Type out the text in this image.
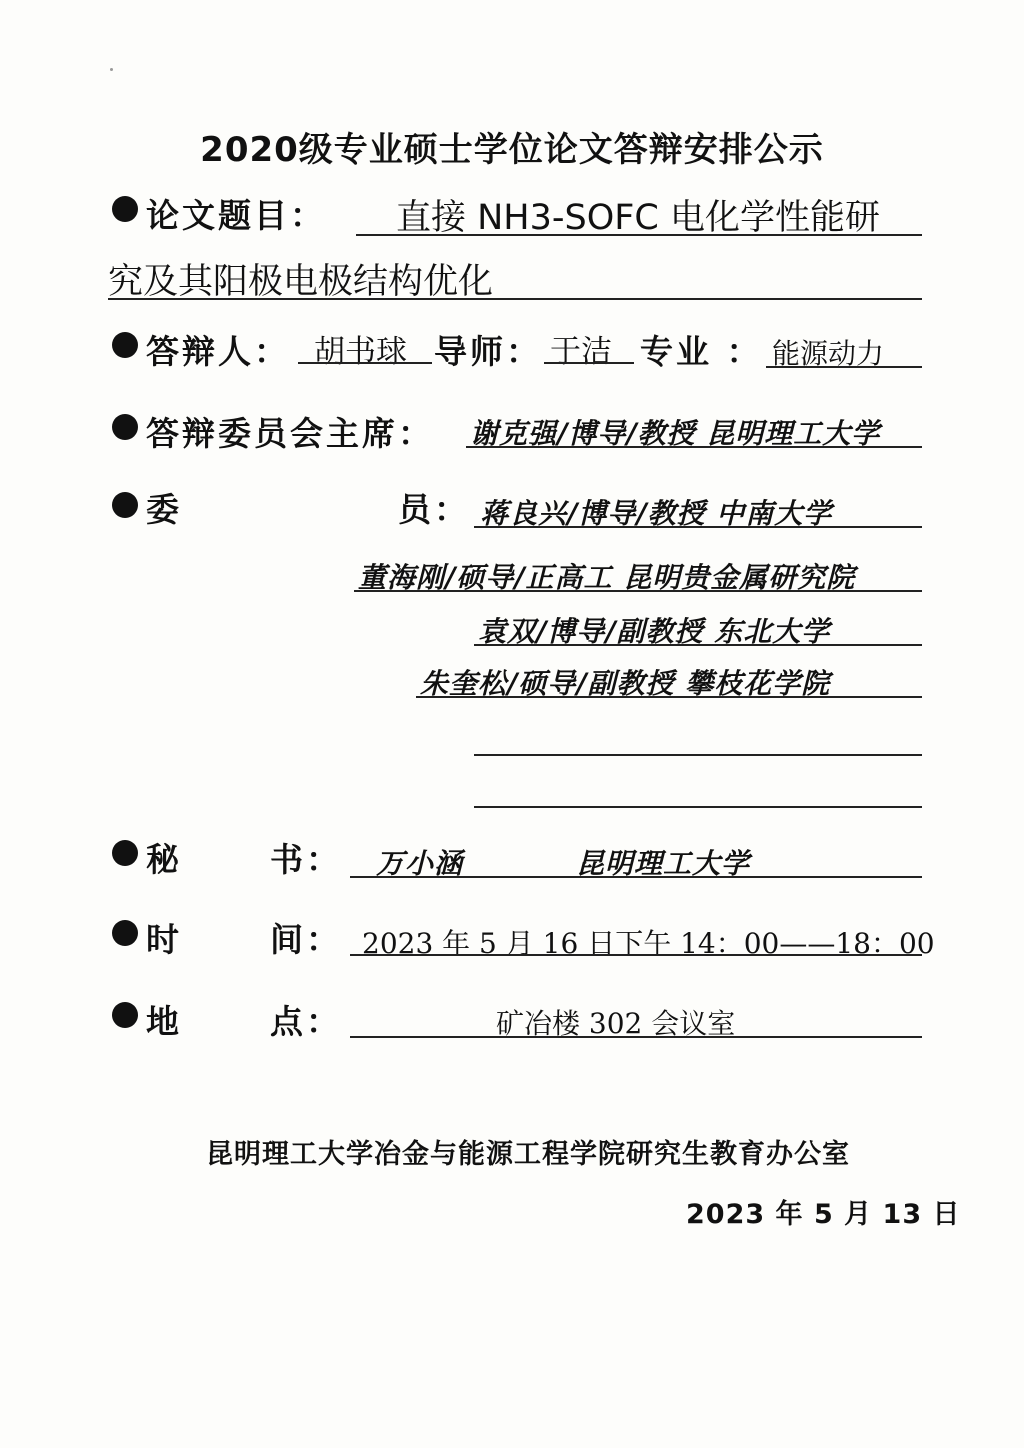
2020级专业硕士学位论文答辩安排公示
论文题目： 直接 NH3-SOFC 电化学性能研
究及其阳极电极结构优化
答辩人： 胡书球 导师： 于洁 专业 ： 能源动力
答辩委员会主席： 谢克强/博导/教授 昆明理工大学
委	员： 蒋良兴/博导/教授 中南大学
董海刚/硕导/正高工 昆明贵金属研究院
袁双/博导/副教授 东北大学
朱奎松/硕导/副教授 攀枝花学院
秘	书： 万小涵	昆明理工大学
时	间： 2023 年 5 月 16 日下午 14：00——18：00
地	点：	矿冶楼 302 会议室
昆明理工大学冶金与能源工程学院研究生教育办公室
2023 年 5 月 13 日
